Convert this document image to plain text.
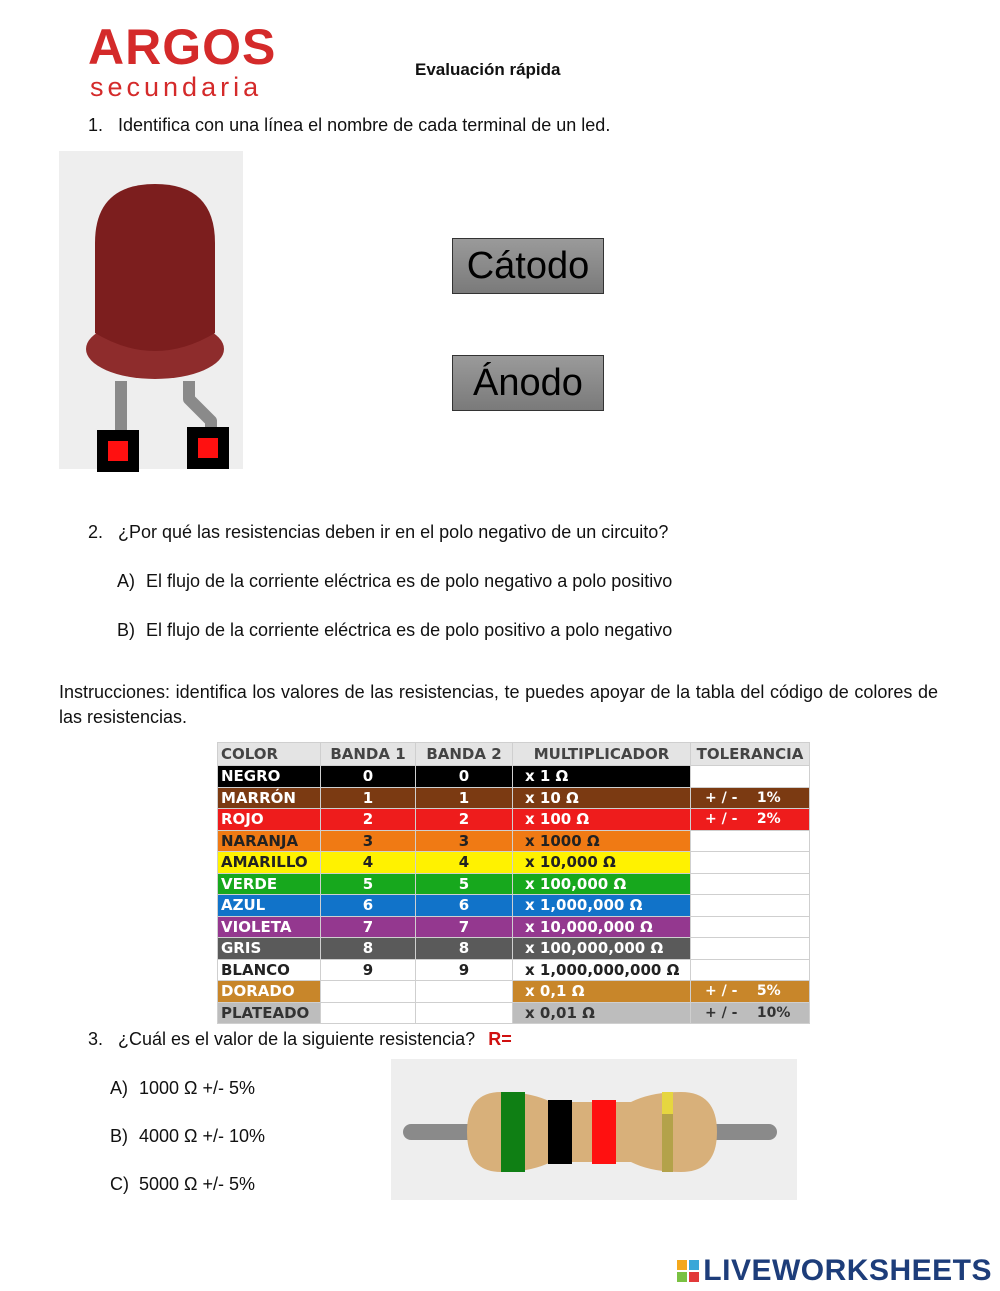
ARGOS
secundaria
Evaluación rápida
1. Identifica con una línea el nombre de cada terminal de un led.
Cátodo
Ánodo
2. ¿Por qué las resistencias deben ir en el polo negativo de un circuito?
A) El flujo de la corriente eléctrica es de polo negativo a polo positivo
B) El flujo de la corriente eléctrica es de polo positivo a polo negativo
Instrucciones: identifica los valores de las resistencias, te puedes apoyar de la tabla del código de colores de las resistencias.
COLOR	BANDA 1	BANDA 2	MULTIPLICADOR	TOLERANCIA
NEGRO	0	0	x 1 Ω	
MARRÓN	1	1	x 10 Ω	+ / -    1%
ROJO	2	2	x 100 Ω	+ / -    2%
NARANJA	3	3	x 1000 Ω	
AMARILLO	4	4	x 10,000 Ω	
VERDE	5	5	x 100,000 Ω	
AZUL	6	6	x 1,000,000 Ω	
VIOLETA	7	7	x 10,000,000 Ω	
GRIS	8	8	x 100,000,000 Ω	
BLANCO	9	9	x 1,000,000,000 Ω	
DORADO			x 0,1 Ω	+ / -    5%
PLATEADO			x 0,01 Ω	+ / -    10%
3. ¿Cuál es el valor de la siguiente resistencia? R=
A) 1000 Ω +/- 5%
B) 4000 Ω +/- 10%
C) 5000 Ω +/- 5%
LIVEWORKSHEETS
